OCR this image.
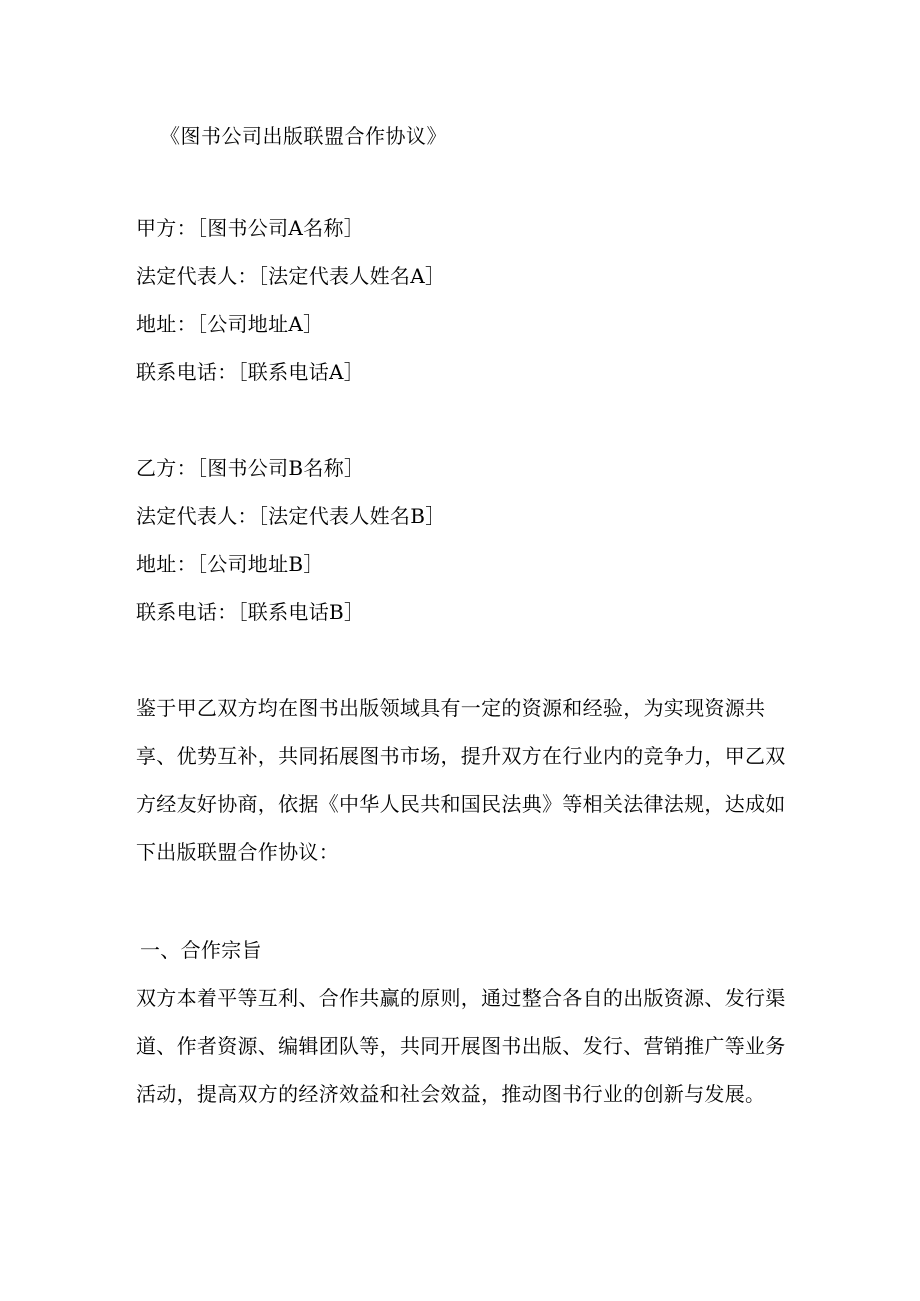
《图书公司出版联盟合作协议》
甲方：［图书公司A名称］
法定代表人：［法定代表人姓名A］
地址：［公司地址A］
联系电话：［联系电话A］
乙方：［图书公司B名称］
法定代表人：［法定代表人姓名B］
地址：［公司地址B］
联系电话：［联系电话B］
鉴于甲乙双方均在图书出版领域具有一定的资源和经验，为实现资源共
享、优势互补，共同拓展图书市场，提升双方在行业内的竞争力，甲乙双
方经友好协商，依据《中华人民共和国民法典》等相关法律法规，达成如
下出版联盟合作协议：
一、合作宗旨
双方本着平等互利、合作共赢的原则，通过整合各自的出版资源、发行渠
道、作者资源、编辑团队等，共同开展图书出版、发行、营销推广等业务
活动，提高双方的经济效益和社会效益，推动图书行业的创新与发展。
